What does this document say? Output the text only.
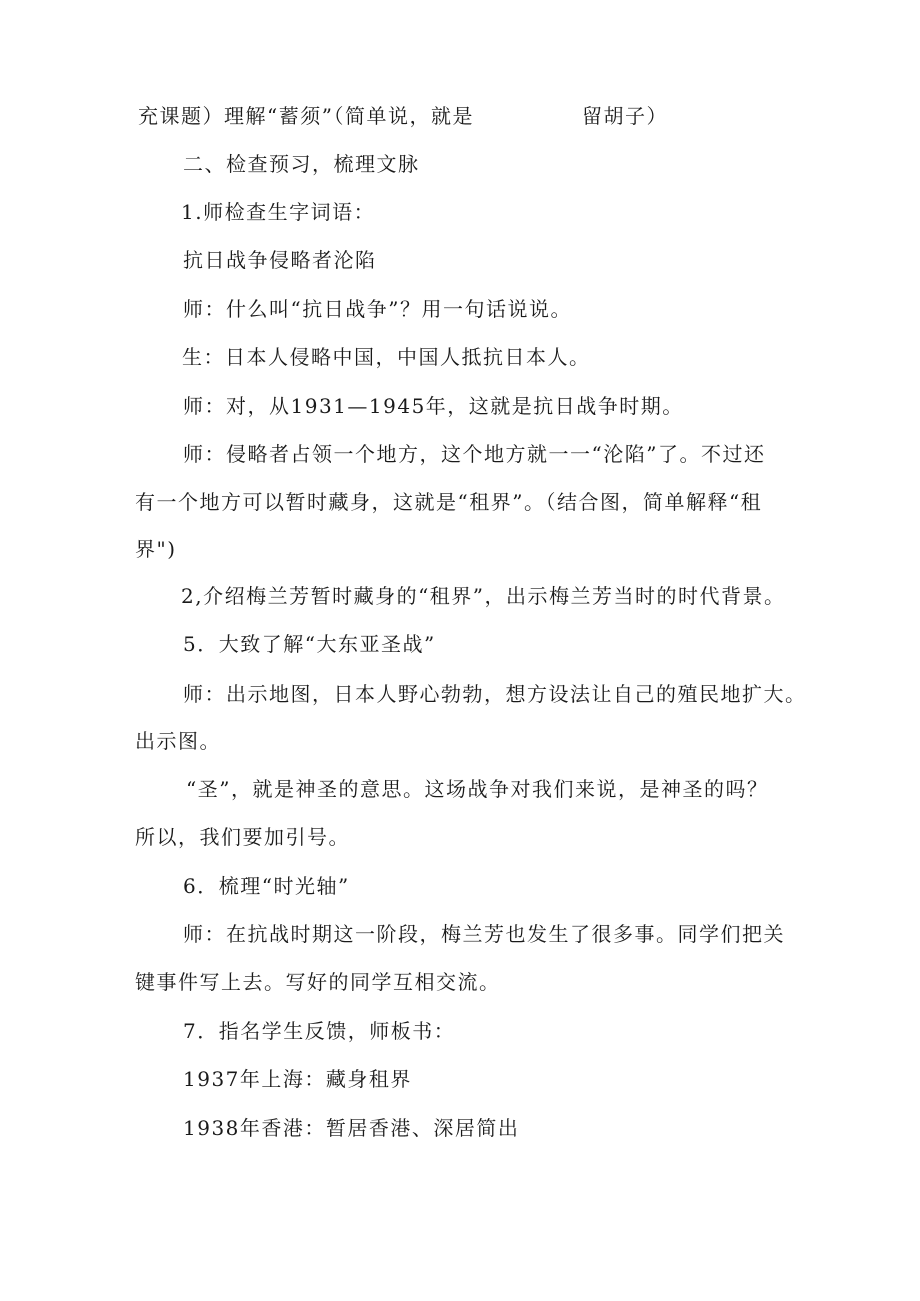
充课题）理解“蓄须”（简单说，就是	留胡子）
二、检查预习，梳理文脉
1.师检查生字词语：
抗日战争侵略者沦陷
师：什么叫“抗日战争”？用一句话说说。
生：日本人侵略中国，中国人抵抗日本人。
师：对，从1931—1945年，这就是抗日战争时期。
师：侵略者占领一个地方，这个地方就一一“沦陷”了。不过还
有一个地方可以暂时藏身，这就是“租界”。（结合图，简单解释“租
界")
2,介绍梅兰芳暂时藏身的“租界”，出示梅兰芳当时的时代背景。
5．大致了解“大东亚圣战”
师：出示地图，日本人野心勃勃，想方设法让自己的殖民地扩大。
出示图。
“圣”，就是神圣的意思。这场战争对我们来说，是神圣的吗？
所以，我们要加引号。
6．梳理“时光轴”
师：在抗战时期这一阶段，梅兰芳也发生了很多事。同学们把关
键事件写上去。写好的同学互相交流。
7．指名学生反馈，师板书：
1937年上海：藏身租界
1938年香港：暂居香港、深居简出
